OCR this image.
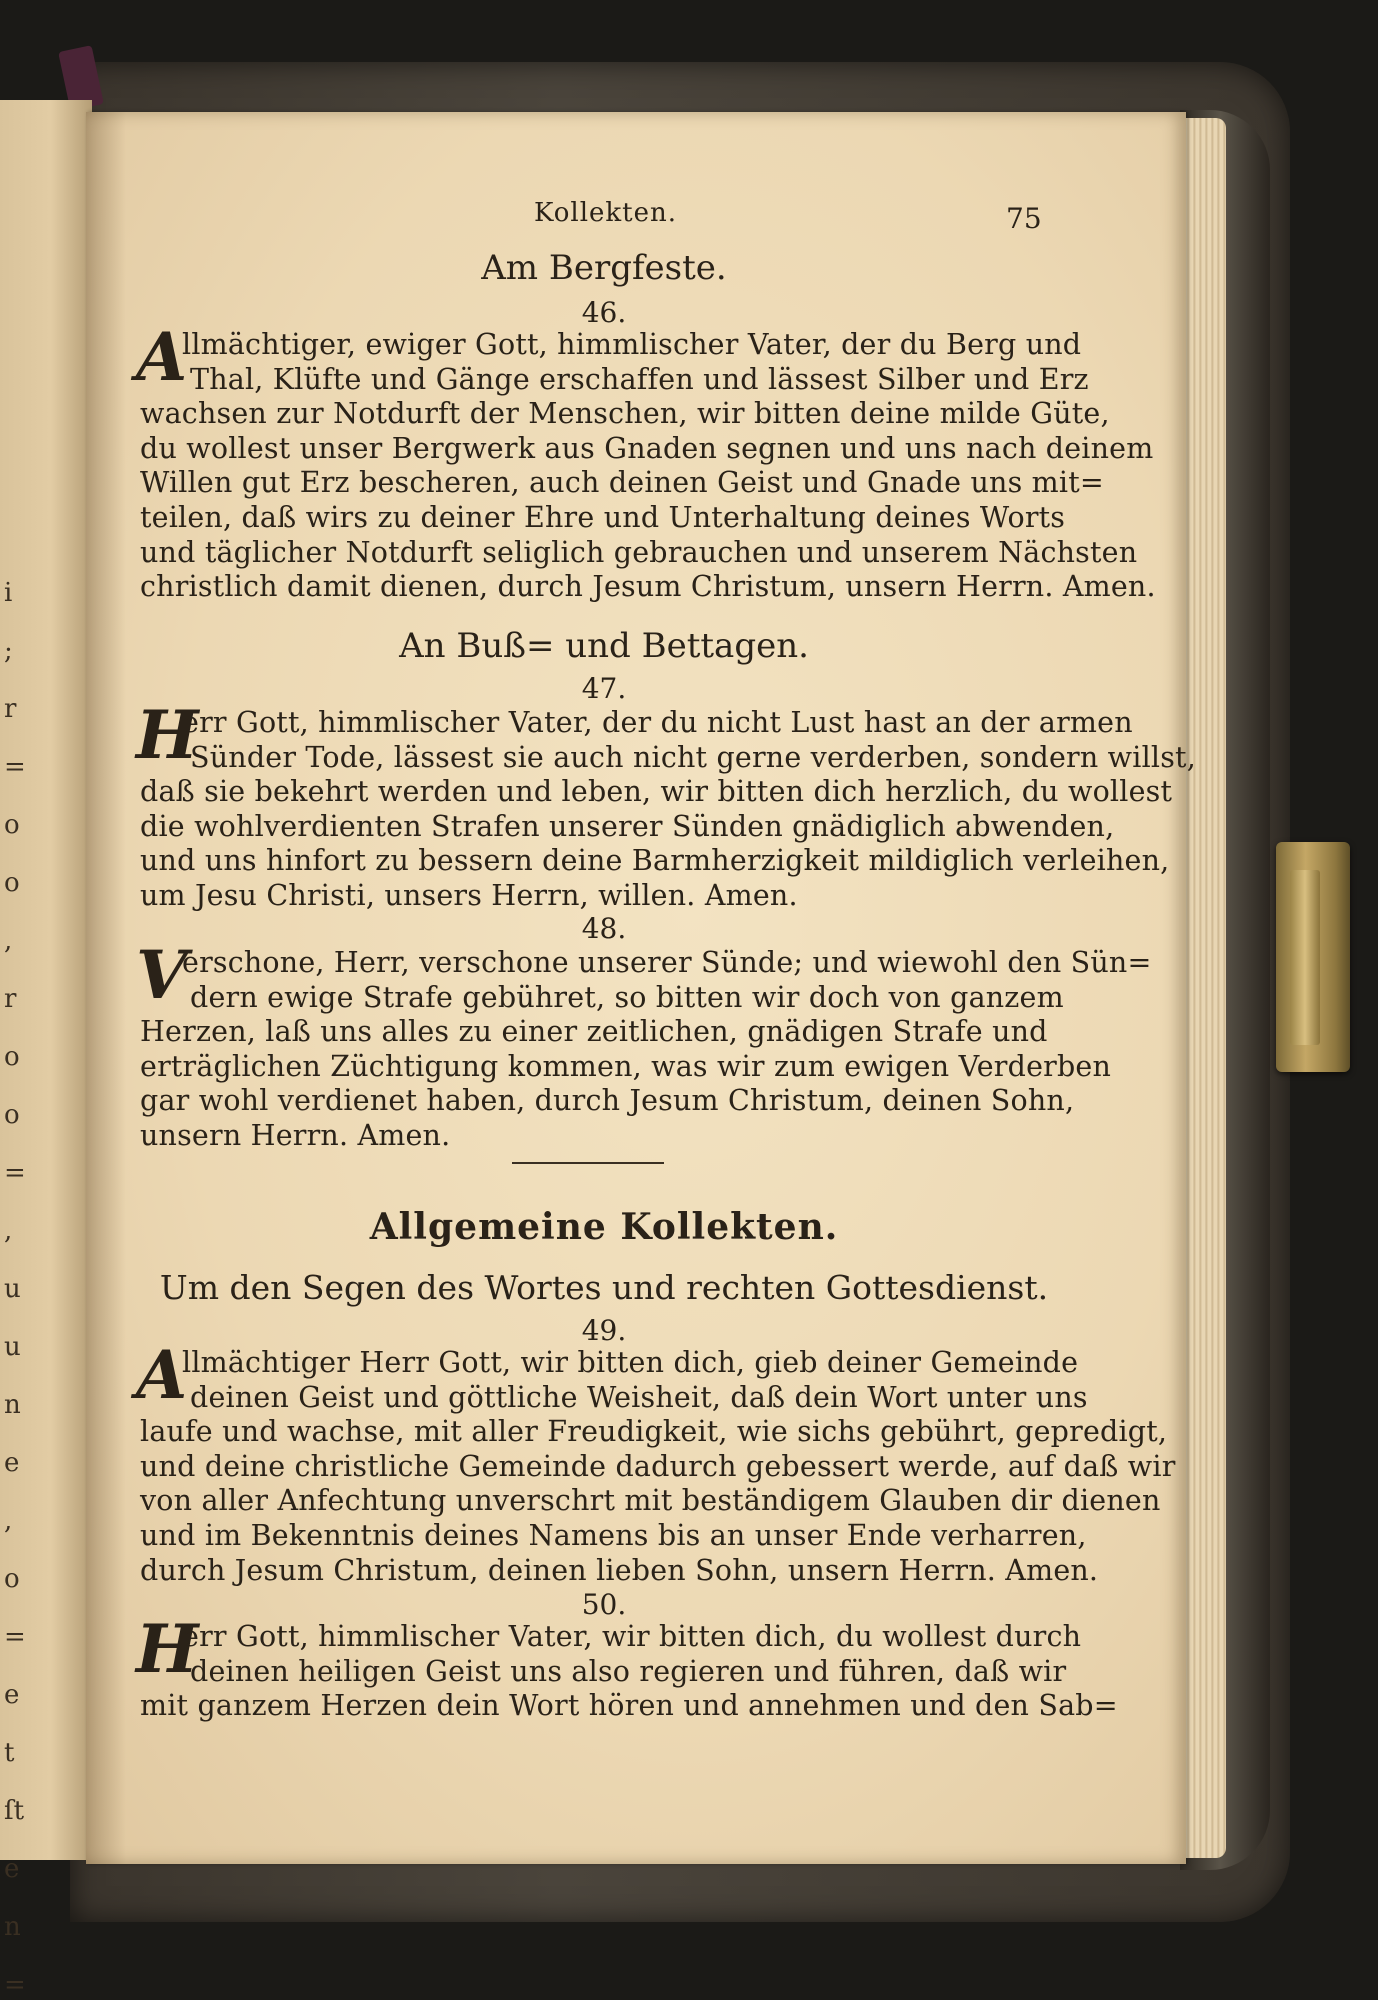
i
;
r
=
o
o
,
r
o
o
=
,
u
u
n
e
,
o
=
e
t
ſt
e
n
=
Kollekten.	75
Am Bergfeste.
46.
A
llmächtiger, ewiger Gott, himmlischer Vater, der du Berg und
Thal, Klüfte und Gänge erschaffen und lässest Silber und Erz
wachsen zur Notdurft der Menschen, wir bitten deine milde Güte,
du wollest unser Bergwerk aus Gnaden segnen und uns nach deinem
Willen gut Erz bescheren, auch deinen Geist und Gnade uns mit=
teilen, daß wirs zu deiner Ehre und Unterhaltung deines Worts
und täglicher Notdurft seliglich gebrauchen und unserem Nächsten
christlich damit dienen, durch Jesum Christum, unsern Herrn. Amen.
An Buß= und Bettagen.
47.
H
err Gott, himmlischer Vater, der du nicht Lust hast an der armen
Sünder Tode, lässest sie auch nicht gerne verderben, sondern willst,
daß sie bekehrt werden und leben, wir bitten dich herzlich, du wollest
die wohlverdienten Strafen unserer Sünden gnädiglich abwenden,
und uns hinfort zu bessern deine Barmherzigkeit mildiglich verleihen,
um Jesu Christi, unsers Herrn, willen. Amen.
48.
V
erschone, Herr, verschone unserer Sünde; und wiewohl den Sün=
dern ewige Strafe gebühret, so bitten wir doch von ganzem
Herzen, laß uns alles zu einer zeitlichen, gnädigen Strafe und
erträglichen Züchtigung kommen, was wir zum ewigen Verderben
gar wohl verdienet haben, durch Jesum Christum, deinen Sohn,
unsern Herrn. Amen.
Allgemeine Kollekten.
Um den Segen des Wortes und rechten Gottesdienst.
49.
A
llmächtiger Herr Gott, wir bitten dich, gieb deiner Gemeinde
deinen Geist und göttliche Weisheit, daß dein Wort unter uns
laufe und wachse, mit aller Freudigkeit, wie sichs gebührt, gepredigt,
und deine christliche Gemeinde dadurch gebessert werde, auf daß wir
von aller Anfechtung unverschrt mit beständigem Glauben dir dienen
und im Bekenntnis deines Namens bis an unser Ende verharren,
durch Jesum Christum, deinen lieben Sohn, unsern Herrn. Amen.
50.
H
err Gott, himmlischer Vater, wir bitten dich, du wollest durch
deinen heiligen Geist uns also regieren und führen, daß wir
mit ganzem Herzen dein Wort hören und annehmen und den Sab=
